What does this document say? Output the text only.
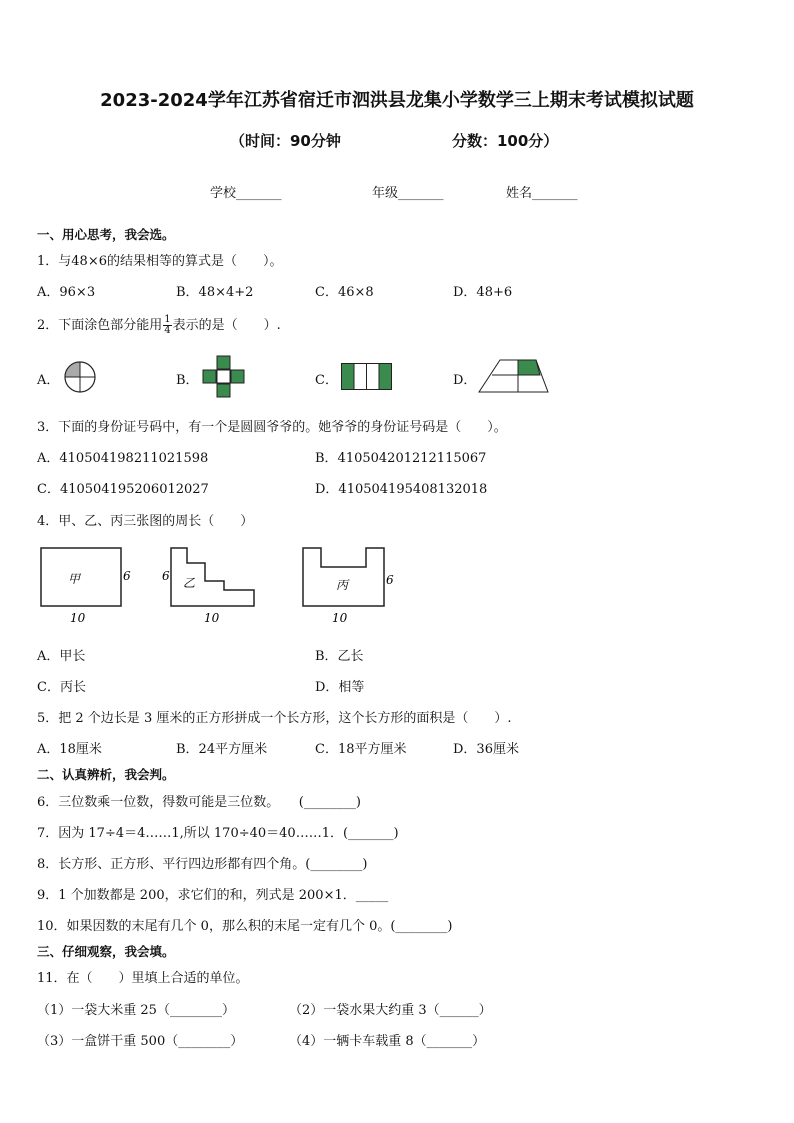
2023-2024学年江苏省宿迁市泗洪县龙集小学数学三上期末考试模拟试题
（时间：90分钟	分数：100分）
学校_______	年级_______	姓名_______
一、用心思考，我会选。
1．与48×6的结果相等的算式是（　　）。
A．96×3	B．48×4+2	C．46×8	D．48+6
2．下面涂色部分能用 $\frac{1}{4}$ 表示的是（　　）.
A．	B．	C．	D．
3．下面的身份证号码中，有一个是圆圆爷爷的。她爷爷的身份证号码是（　　）。
A．410504198211021598	B．410504201212115067
C．410504195206012027	D．410504195408132018
4．甲、乙、丙三张图的周长（　　）
甲	6
10
乙
6
10
丙	6
10
A．甲长	B．乙长
C．丙长	D．相等
5．把 2 个边长是 3 厘米的正方形拼成一个长方形，这个长方形的面积是（　　）.
A．18厘米	B．24平方厘米	C．18平方厘米	D．36厘米
二、认真辨析，我会判。
6．三位数乘一位数，得数可能是三位数。　　(________)
7．因为 17÷4＝4……1,所以 170÷40＝40……1．(_______)
8．长方形、正方形、平行四边形都有四个角。(________)
9．1 个加数都是 200，求它们的和，列式是 200×1．_____
10．如果因数的末尾有几个 0，那么积的末尾一定有几个 0。(________)
三、仔细观察，我会填。
11．在（　　）里填上合适的单位。
（1）一袋大米重 25（________）	（2）一袋水果大约重 3（______）
（3）一盒饼干重 500（________）	（4）一辆卡车载重 8（_______）
